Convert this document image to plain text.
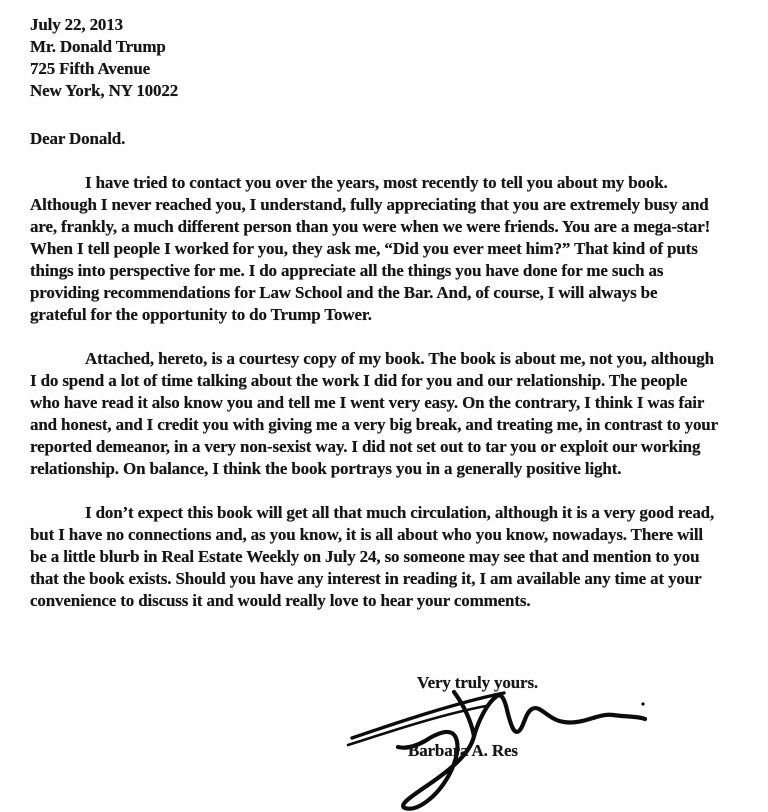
July 22, 2013
Mr. Donald Trump
725 Fifth Avenue
New York, NY 10022
Dear Donald.
I have tried to contact you over the years, most recently to tell you about my book.
Although I never reached you, I understand, fully appreciating that you are extremely busy and
are, frankly, a much different person than you were when we were friends. You are a mega-star!
When I tell people I worked for you, they ask me, “Did you ever meet him?” That kind of puts
things into perspective for me. I do appreciate all the things you have done for me such as
providing recommendations for Law School and the Bar. And, of course, I will always be
grateful for the opportunity to do Trump Tower.
Attached, hereto, is a courtesy copy of my book. The book is about me, not you, although
I do spend a lot of time talking about the work I did for you and our relationship. The people
who have read it also know you and tell me I went very easy. On the contrary, I think I was fair
and honest, and I credit you with giving me a very big break, and treating me, in contrast to your
reported demeanor, in a very non-sexist way. I did not set out to tar you or exploit our working
relationship. On balance, I think the book portrays you in a generally positive light.
I don’t expect this book will get all that much circulation, although it is a very good read,
but I have no connections and, as you know, it is all about who you know, nowadays. There will
be a little blurb in Real Estate Weekly on July 24, so someone may see that and mention to you
that the book exists. Should you have any interest in reading it, I am available any time at your
convenience to discuss it and would really love to hear your comments.
Very truly yours.
Barbara A. Res
